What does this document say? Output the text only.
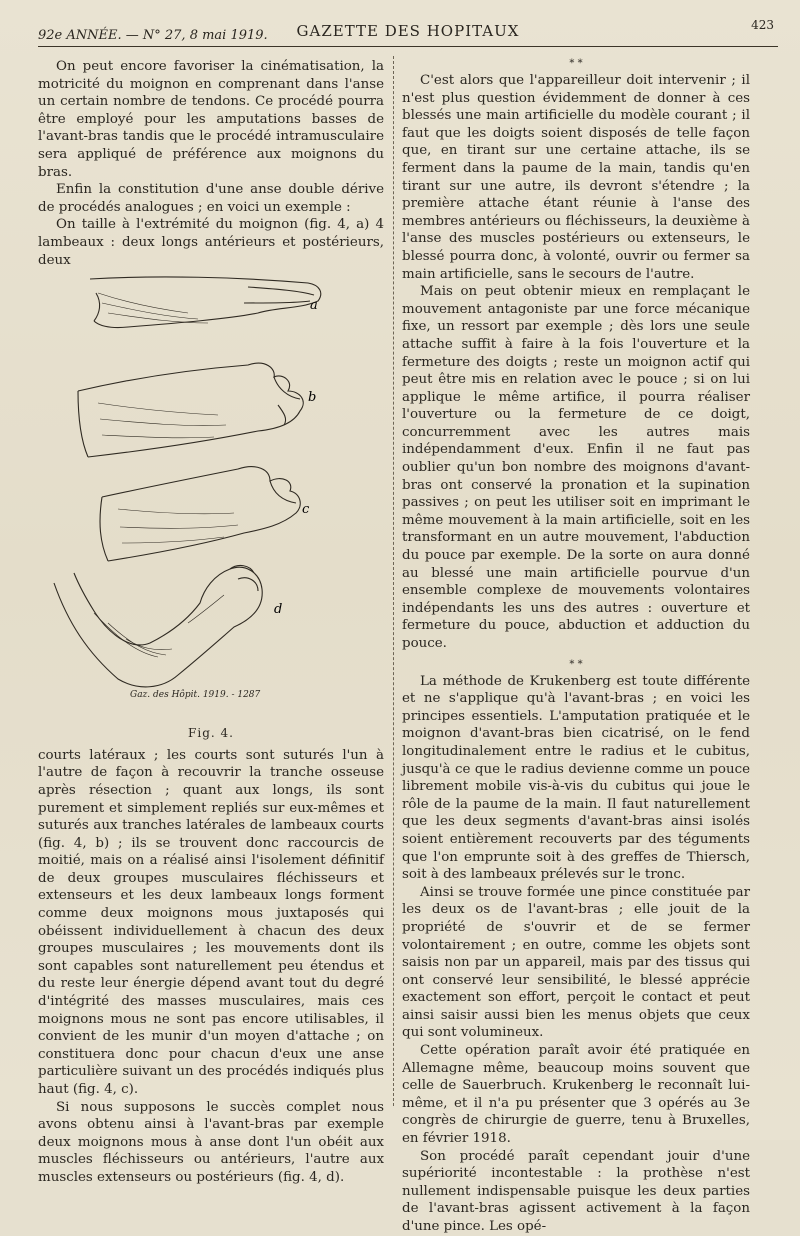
92e ANNÉE. — N° 27, 8 mai 1919.	GAZETTE DES HOPITAUX	423

On peut encore favoriser la cinématisation, la motricité du moignon en comprenant dans l'anse un certain nombre de tendons. Ce procédé pourra être employé pour les amputations basses de l'avant-bras tandis que le procédé intramusculaire sera appliqué de préférence aux moignons du bras.

Enfin la constitution d'une anse double dérive de procédés analogues ; en voici un exemple :

On taille à l'extrémité du moignon (fig. 4, a) 4 lambeaux : deux longs antérieurs et postérieurs, deux

a
b
c
d
Gaz. des Hôpit. 1919. - 1287
Fig. 4.

courts latéraux ; les courts sont suturés l'un à l'autre de façon à recouvrir la tranche osseuse après résection ; quant aux longs, ils sont purement et simplement repliés sur eux-mêmes et suturés aux tranches latérales de lambeaux courts (fig. 4, b) ; ils se trouvent donc raccourcis de moitié, mais on a réalisé ainsi l'isolement définitif de deux groupes musculaires fléchisseurs et extenseurs et les deux lambeaux longs forment comme deux moignons mous juxtaposés qui obéissent individuellement à chacun des deux groupes musculaires ; les mouvements dont ils sont capables sont naturellement peu étendus et du reste leur énergie dépend avant tout du degré d'intégrité des masses musculaires, mais ces moignons mous ne sont pas encore utilisables, il convient de les munir d'un moyen d'attache ; on constituera donc pour chacun d'eux une anse particulière suivant un des procédés indiqués plus haut (fig. 4, c).

Si nous supposons le succès complet nous avons obtenu ainsi à l'avant-bras par exemple deux moignons mous à anse dont l'un obéit aux muscles fléchisseurs ou antérieurs, l'autre aux muscles extenseurs ou postérieurs (fig. 4, d).

* *

C'est alors que l'appareilleur doit intervenir ; il n'est plus question évidemment de donner à ces blessés une main artificielle du modèle courant ; il faut que les doigts soient disposés de telle façon que, en tirant sur une certaine attache, ils se ferment dans la paume de la main, tandis qu'en tirant sur une autre, ils devront s'étendre ; la première attache étant réunie à l'anse des membres antérieurs ou fléchisseurs, la deuxième à l'anse des muscles postérieurs ou extenseurs, le blessé pourra donc, à volonté, ouvrir ou fermer sa main artificielle, sans le secours de l'autre.

Mais on peut obtenir mieux en remplaçant le mouvement antagoniste par une force mécanique fixe, un ressort par exemple ; dès lors une seule attache suffit à faire à la fois l'ouverture et la fermeture des doigts ; reste un moignon actif qui peut être mis en relation avec le pouce ; si on lui applique le même artifice, il pourra réaliser l'ouverture ou la fermeture de ce doigt, concurremment avec les autres mais indépendamment d'eux. Enfin il ne faut pas oublier qu'un bon nombre des moignons d'avant-bras ont conservé la pronation et la supination passives ; on peut les utiliser soit en imprimant le même mouvement à la main artificielle, soit en les transformant en un autre mouvement, l'abduction du pouce par exemple. De la sorte on aura donné au blessé une main artificielle pourvue d'un ensemble complexe de mouvements volontaires indépendants les uns des autres : ouverture et fermeture du pouce, abduction et adduction du pouce.

* *

La méthode de Krukenberg est toute différente et ne s'applique qu'à l'avant-bras ; en voici les principes essentiels. L'amputation pratiquée et le moignon d'avant-bras bien cicatrisé, on le fend longitudinalement entre le radius et le cubitus, jusqu'à ce que le radius devienne comme un pouce librement mobile vis-à-vis du cubitus qui joue le rôle de la paume de la main. Il faut naturellement que les deux segments d'avant-bras ainsi isolés soient entièrement recouverts par des téguments que l'on emprunte soit à des greffes de Thiersch, soit à des lambeaux prélevés sur le tronc.

Ainsi se trouve formée une pince constituée par les deux os de l'avant-bras ; elle jouit de la propriété de s'ouvrir et de se fermer volontairement ; en outre, comme les objets sont saisis non par un appareil, mais par des tissus qui ont conservé leur sensibilité, le blessé apprécie exactement son effort, perçoit le contact et peut ainsi saisir aussi bien les menus objets que ceux qui sont volumineux.

Cette opération paraît avoir été pratiquée en Allemagne même, beaucoup moins souvent que celle de Sauerbruch. Krukenberg le reconnaît lui-même, et il n'a pu présenter que 3 opérés au 3e congrès de chirurgie de guerre, tenu à Bruxelles, en février 1918.

Son procédé paraît cependant jouir d'une supériorité incontestable : la prothèse n'est nullement indispensable puisque les deux parties de l'avant-bras agissent activement à la façon d'une pince. Les opé-
